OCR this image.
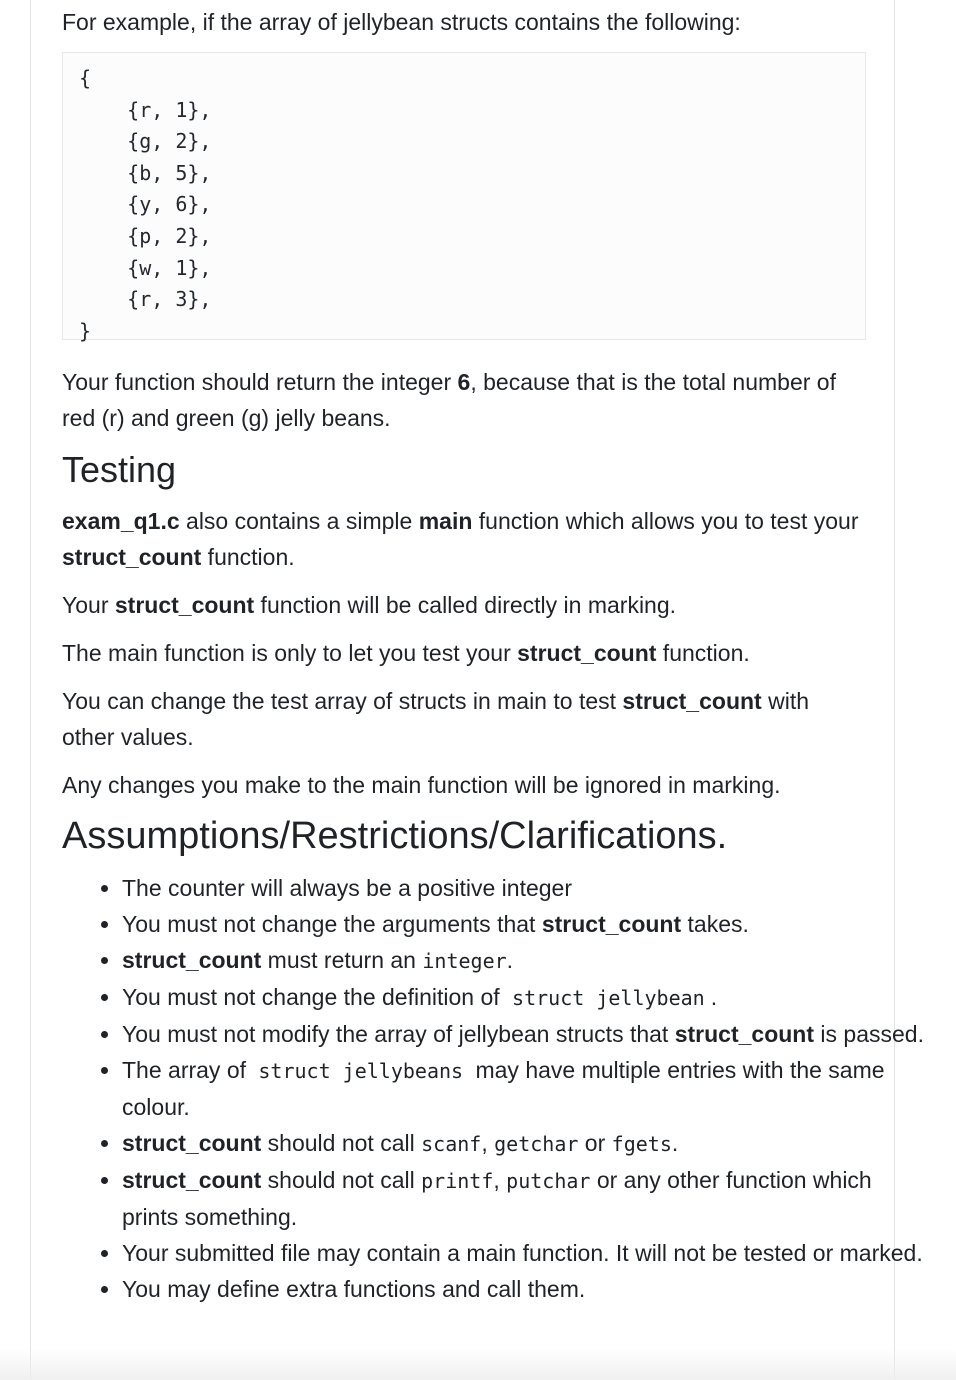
For example, if the array of jellybean structs contains the following:

{
{r, 1},
{g, 2},
{b, 5},
{y, 6},
{p, 2},
{w, 1},
{r, 3},
}

Your function should return the integer 6, because that is the total number of red (r) and green (g) jelly beans.

Testing

exam_q1.c also contains a simple main function which allows you to test your struct_count function.

Your struct_count function will be called directly in marking.

The main function is only to let you test your struct_count function.

You can change the test array of structs in main to test struct_count with other values.

Any changes you make to the main function will be ignored in marking.

Assumptions/Restrictions/Clarifications.
• The counter will always be a positive integer
• You must not change the arguments that struct_count takes.
• struct_count must return an integer.
• You must not change the definition of struct jellybean .
• You must not modify the array of jellybean structs that struct_count is passed.
• The array of struct jellybeans may have multiple entries with the same colour.
• struct_count should not call scanf, getchar or fgets.
• struct_count should not call printf, putchar or any other function which prints something.
• Your submitted file may contain a main function. It will not be tested or marked.
• You may define extra functions and call them.
